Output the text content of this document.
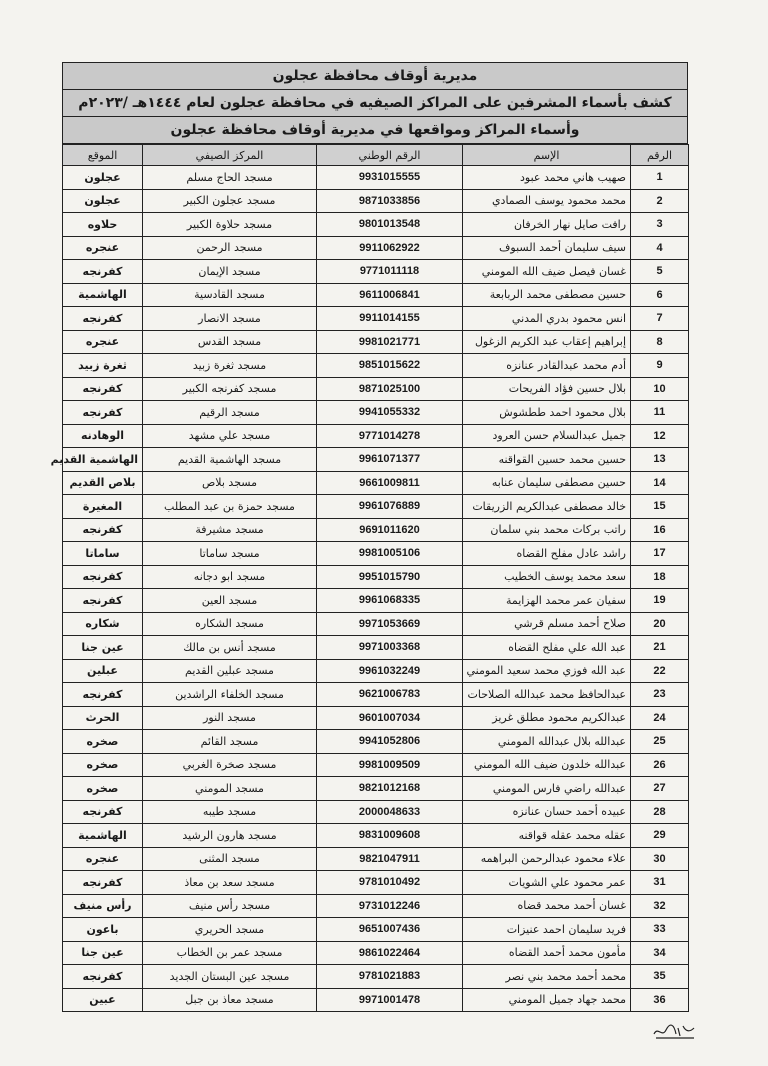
مديرية أوقاف محافظة عجلون
كشف بأسماء المشرفين على المراكز الصيفيه في محافظة عجلون لعام ١٤٤٤هـ /٢٠٢٣م
وأسماء المراكز ومواقعها في مديرية أوقاف محافظة عجلون
الرقم	الإسم	الرقم الوطني	المركز الصيفي	الموقع
1	صهيب هاني محمد عبود	9931015555	مسجد الحاج مسلم	عجلون
2	محمد محمود يوسف الصمادي	9871033856	مسجد عجلون الكبير	عجلون
3	رافت صايل نهار الخرفان	9801013548	مسجد حلاوة الكبير	حلاوه
4	سيف سليمان أحمد السبوف	9911062922	مسجد الرحمن	عنجره
5	غسان فيصل ضيف الله المومني	9771011118	مسجد الإيمان	كفرنجه
6	حسين مصطفى محمد الربابعة	9611006841	مسجد القادسية	الهاشمية
7	انس محمود بدري المدني	9911014155	مسجد الانصار	كفرنجه
8	إبراهيم إعقاب عبد الكريم الزغول	9981021771	مسجد القدس	عنجره
9	أدم محمد عبدالقادر عنانزه	9851015622	مسجد ثغرة زبيد	ثغرة زبيد
10	بلال حسين فؤاد الفريحات	9871025100	مسجد كفرنجه الكبير	كفرنجه
11	بلال محمود احمد ططشوش	9941055332	مسجد الرقيم	كفرنجه
12	جميل عبدالسلام حسن العرود	9771014278	مسجد علي مشهد	الوهادنه
13	حسين محمد حسين القواقنه	9961071377	مسجد الهاشمية القديم	الهاشمية القديم
14	حسين مصطفى سليمان عنابه	9661009811	مسجد بلاص	بلاص القديم
15	خالد مصطفى عبدالكريم الزريقات	9961076889	مسجد حمزة بن عبد المطلب	المغيرة
16	راتب بركات محمد بني سلمان	9691011620	مسجد مشيرفة	كفرنجه
17	راشد عادل مفلح القضاه	9981005106	مسجد ساماتا	ساماتا
18	سعد محمد يوسف الخطيب	9951015790	مسجد ابو دجانه	كفرنجه
19	سفيان عمر محمد الهزايمة	9961068335	مسجد العين	كفرنجه
20	صلاح أحمد مسلم قرشي	9971053669	مسجد الشكاره	شكاره
21	عبد الله علي مفلح القضاه	9971003368	مسجد أنس بن مالك	عين جنا
22	عبد الله فوزي محمد سعيد المومني	9961032249	مسجد عبلين القديم	عبلين
23	عبدالحافظ محمد عبدالله الصلاحات	9621006783	مسجد الخلفاء الراشدين	كفرنجه
24	عبدالكريم محمود مطلق غريز	9601007034	مسجد النور	الحرث
25	عبدالله بلال عبدالله المومني	9941052806	مسجد القائم	صخره
26	عبدالله خلدون ضيف الله المومني	9981009509	مسجد صخرة الغربي	صخره
27	عبدالله راضي فارس المومني	9821012168	مسجد المومني	صخره
28	عبيده أحمد حسان عنانزه	2000048633	مسجد طيبه	كفرنجه
29	عقله محمد عقله قواقنه	9831009608	مسجد هارون الرشيد	الهاشمية
30	علاء محمود عبدالرحمن البراهمه	9821047911	مسجد المثنى	عنجره
31	عمر محمود علي الشويات	9781010492	مسجد سعد بن معاذ	كفرنجه
32	غسان أحمد محمد قضاه	9731012246	مسجد رأس منيف	رأس منيف
33	فريد سليمان احمد عنيزات	9651007436	مسجد الحريري	باعون
34	مأمون محمد أحمد القضاه	9861022464	مسجد عمر بن الخطاب	عين جنا
35	محمد أحمد محمد بني نصر	9781021883	مسجد عين البستان الجديد	كفرنجه
36	محمد جهاد جميل المومني	9971001478	مسجد معاذ بن جبل	عبين
